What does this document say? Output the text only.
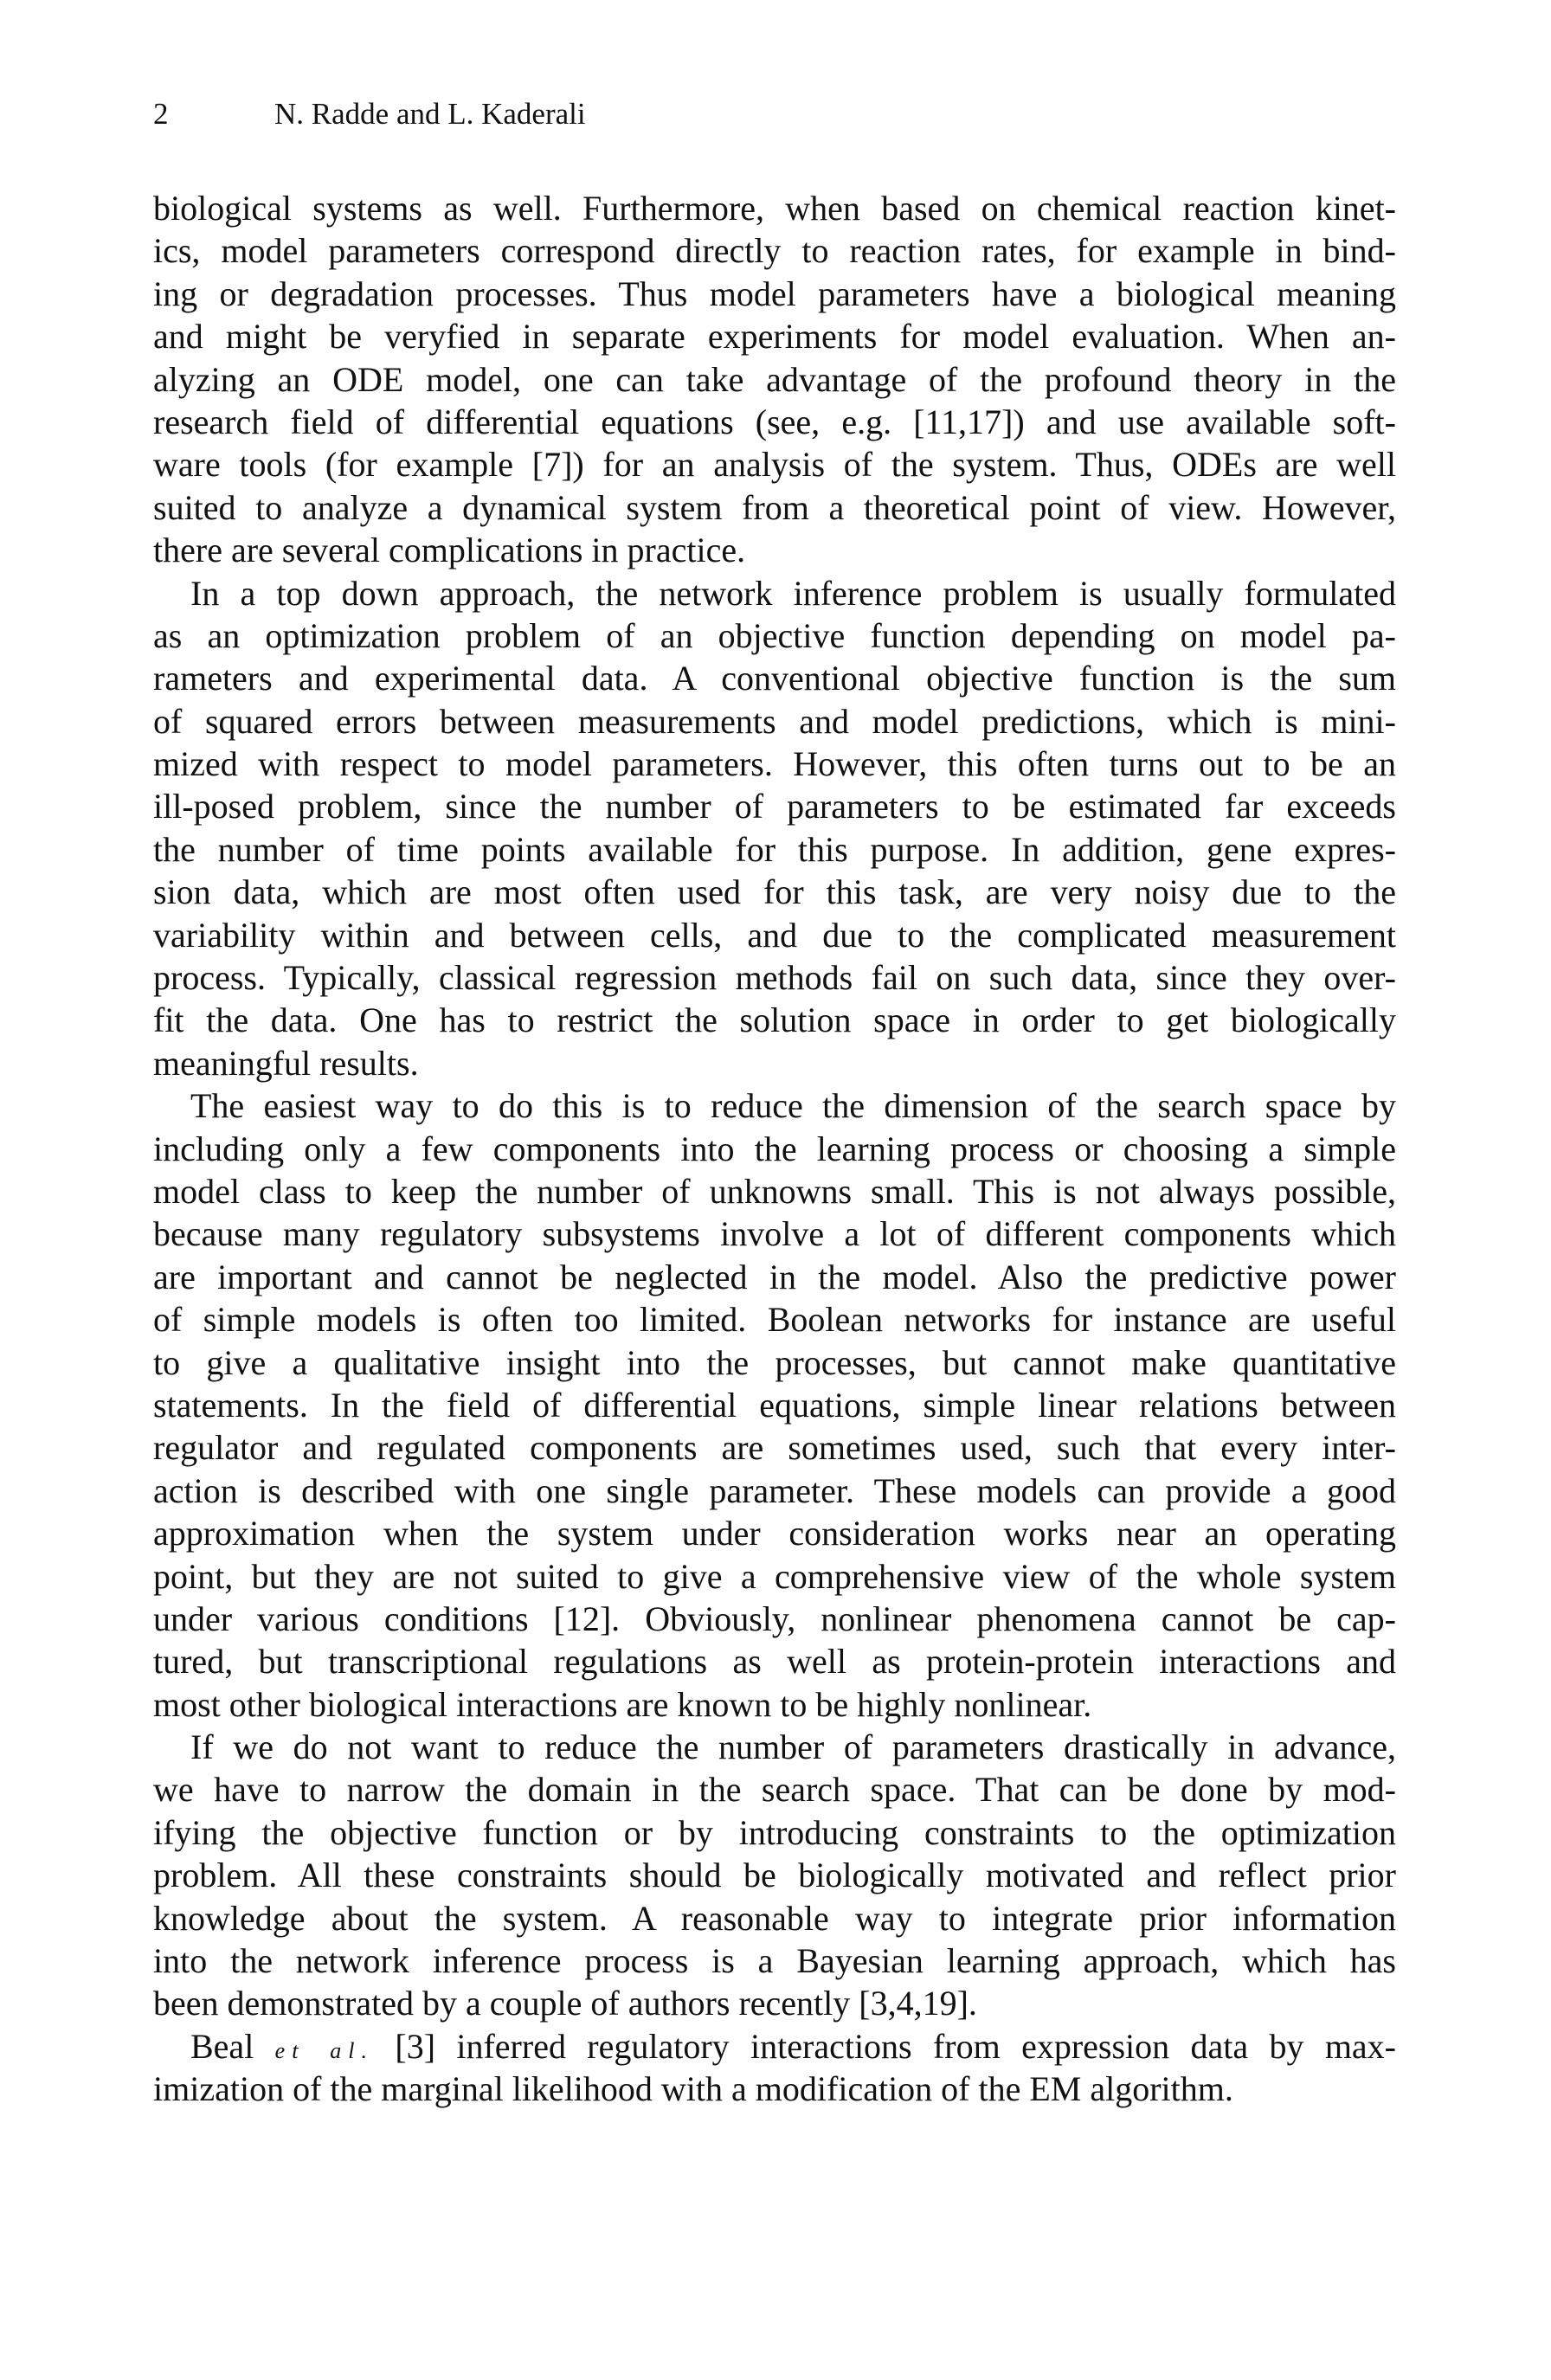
2	N. Radde and L. Kaderali
biological systems as well. Furthermore, when based on chemical reaction kinet-
ics, model parameters correspond directly to reaction rates, for example in bind-
ing or degradation processes. Thus model parameters have a biological meaning
and might be veryfied in separate experiments for model evaluation. When an-
alyzing an ODE model, one can take advantage of the profound theory in the
research field of differential equations (see, e.g. [11,17]) and use available soft-
ware tools (for example [7]) for an analysis of the system. Thus, ODEs are well
suited to analyze a dynamical system from a theoretical point of view. However,
there are several complications in practice.
In a top down approach, the network inference problem is usually formulated
as an optimization problem of an objective function depending on model pa-
rameters and experimental data. A conventional objective function is the sum
of squared errors between measurements and model predictions, which is mini-
mized with respect to model parameters. However, this often turns out to be an
ill-posed problem, since the number of parameters to be estimated far exceeds
the number of time points available for this purpose. In addition, gene expres-
sion data, which are most often used for this task, are very noisy due to the
variability within and between cells, and due to the complicated measurement
process. Typically, classical regression methods fail on such data, since they over-
fit the data. One has to restrict the solution space in order to get biologically
meaningful results.
The easiest way to do this is to reduce the dimension of the search space by
including only a few components into the learning process or choosing a simple
model class to keep the number of unknowns small. This is not always possible,
because many regulatory subsystems involve a lot of different components which
are important and cannot be neglected in the model. Also the predictive power
of simple models is often too limited. Boolean networks for instance are useful
to give a qualitative insight into the processes, but cannot make quantitative
statements. In the field of differential equations, simple linear relations between
regulator and regulated components are sometimes used, such that every inter-
action is described with one single parameter. These models can provide a good
approximation when the system under consideration works near an operating
point, but they are not suited to give a comprehensive view of the whole system
under various conditions [12]. Obviously, nonlinear phenomena cannot be cap-
tured, but transcriptional regulations as well as protein-protein interactions and
most other biological interactions are known to be highly nonlinear.
If we do not want to reduce the number of parameters drastically in advance,
we have to narrow the domain in the search space. That can be done by mod-
ifying the objective function or by introducing constraints to the optimization
problem. All these constraints should be biologically motivated and reflect prior
knowledge about the system. A reasonable way to integrate prior information
into the network inference process is a Bayesian learning approach, which has
been demonstrated by a couple of authors recently [3,4,19].
Beal et al. [3] inferred regulatory interactions from expression data by max-
imization of the marginal likelihood with a modification of the EM algorithm.
